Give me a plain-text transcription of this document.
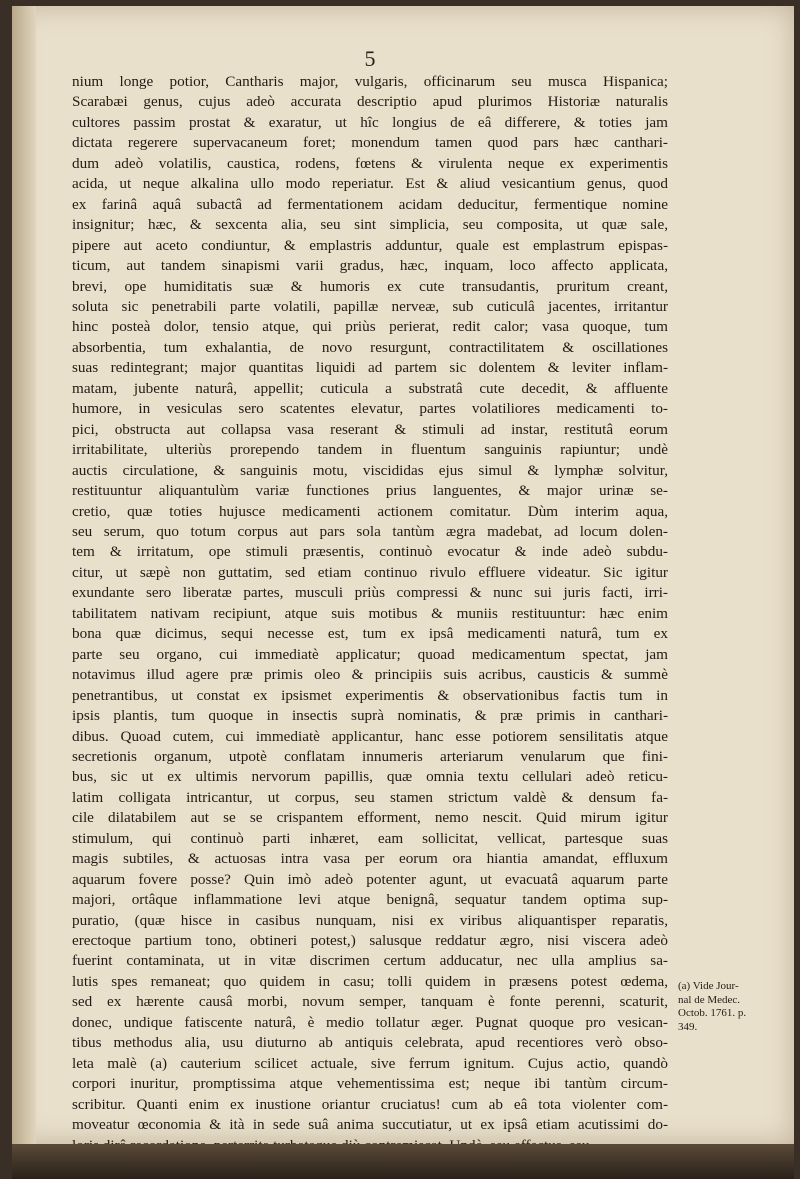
5
nium longe potior, Cantharis major, vulgaris, officinarum seu musca Hispanica;
Scarabæi genus, cujus adeò accurata descriptio apud plurimos Historiæ naturalis
cultores passim prostat & exaratur, ut hîc longius de eâ differere, & toties jam
dictata regerere supervacaneum foret; monendum tamen quod pars hæc canthari-
dum adeò volatilis, caustica, rodens, fœtens & virulenta neque ex experimentis
acida, ut neque alkalina ullo modo reperiatur. Est & aliud vesicantium genus, quod
ex farinâ aquâ subactâ ad fermentationem acidam deducitur, fermentique nomine
insignitur; hæc, & sexcenta alia, seu sint simplicia, seu composita, ut quæ sale,
pipere aut aceto condiuntur, & emplastris adduntur, quale est emplastrum epispas-
ticum, aut tandem sinapismi varii gradus, hæc, inquam, loco affecto applicata,
brevi, ope humiditatis suæ & humoris ex cute transudantis, pruritum creant,
soluta sic penetrabili parte volatili, papillæ nerveæ, sub cuticulâ jacentes, irritantur
hinc posteà dolor, tensio atque, qui priùs perierat, redit calor; vasa quoque, tum
absorbentia, tum exhalantia, de novo resurgunt, contractilitatem & oscillationes
suas redintegrant; major quantitas liquidi ad partem sic dolentem & leviter inflam-
matam, jubente naturâ, appellit; cuticula a substratâ cute decedit, & affluente
humore, in vesiculas sero scatentes elevatur, partes volatiliores medicamenti to-
pici, obstructa aut collapsa vasa reserant & stimuli ad instar, restitutâ eorum
irritabilitate, ulteriùs prorependo tandem in fluentum sanguinis rapiuntur; undè
auctis circulatione, & sanguinis motu, viscididas ejus simul & lymphæ solvitur,
restituuntur aliquantulùm variæ functiones prius languentes, & major urinæ se-
cretio, quæ toties hujusce medicamenti actionem comitatur. Dùm interim aqua,
seu serum, quo totum corpus aut pars sola tantùm ægra madebat, ad locum dolen-
tem & irritatum, ope stimuli præsentis, continuò evocatur & inde adeò subdu-
citur, ut sæpè non guttatim, sed etiam continuo rivulo effluere videatur. Sic igitur
exundante sero liberatæ partes, musculi priùs compressi & nunc sui juris facti, irri-
tabilitatem nativam recipiunt, atque suis motibus & muniis restituuntur: hæc enim
bona quæ dicimus, sequi necesse est, tum ex ipsâ medicamenti naturâ, tum ex
parte seu organo, cui immediatè applicatur; quoad medicamentum spectat, jam
notavimus illud agere præ primis oleo & principiis suis acribus, causticis & summè
penetrantibus, ut constat ex ipsismet experimentis & observationibus factis tum in
ipsis plantis, tum quoque in insectis suprà nominatis, & præ primis in canthari-
dibus. Quoad cutem, cui immediatè applicantur, hanc esse potiorem sensilitatis atque
secretionis organum, utpotè conflatam innumeris arteriarum venularum que fini-
bus, sic ut ex ultimis nervorum papillis, quæ omnia textu cellulari adeò reticu-
latim colligata intricantur, ut corpus, seu stamen strictum valdè & densum fa-
cile dilatabilem aut se se crispantem efforment, nemo nescit. Quid mirum igitur
stimulum, qui continuò parti inhæret, eam sollicitat, vellicat, partesque suas
magis subtiles, & actuosas intra vasa per eorum ora hiantia amandat, effluxum
aquarum fovere posse? Quin imò adeò potenter agunt, ut evacuatâ aquarum parte
majori, ortâque inflammatione levi atque benignâ, sequatur tandem optima sup-
puratio, (quæ hisce in casibus nunquam, nisi ex viribus aliquantisper reparatis,
erectoque partium tono, obtineri potest,) salusque reddatur ægro, nisi viscera adeò
fuerint contaminata, ut in vitæ discrimen certum adducatur, nec ulla amplius sa-
lutis spes remaneat; quo quidem in casu; tolli quidem in præsens potest œdema,
sed ex hærente causâ morbi, novum semper, tanquam è fonte perenni, scaturit,
donec, undique fatiscente naturâ, è medio tollatur æger. Pugnat quoque pro vesican-
tibus methodus alia, usu diuturno ab antiquis celebrata, apud recentiores verò obso-
leta malè (a) cauterium scilicet actuale, sive ferrum ignitum. Cujus actio, quandò
corpori inuritur, promptissima atque vehementissima est; neque ibi tantùm circum-
scribitur. Quanti enim ex inustione oriantur cruciatus! cum ab eâ tota violenter com-
moveatur œconomia & ità in sede suâ anima succutiatur, ut ex ipsâ etiam acutissimi do-
(a) Vide Jour-
nal de Medec.
Octob. 1761. p.
349.
